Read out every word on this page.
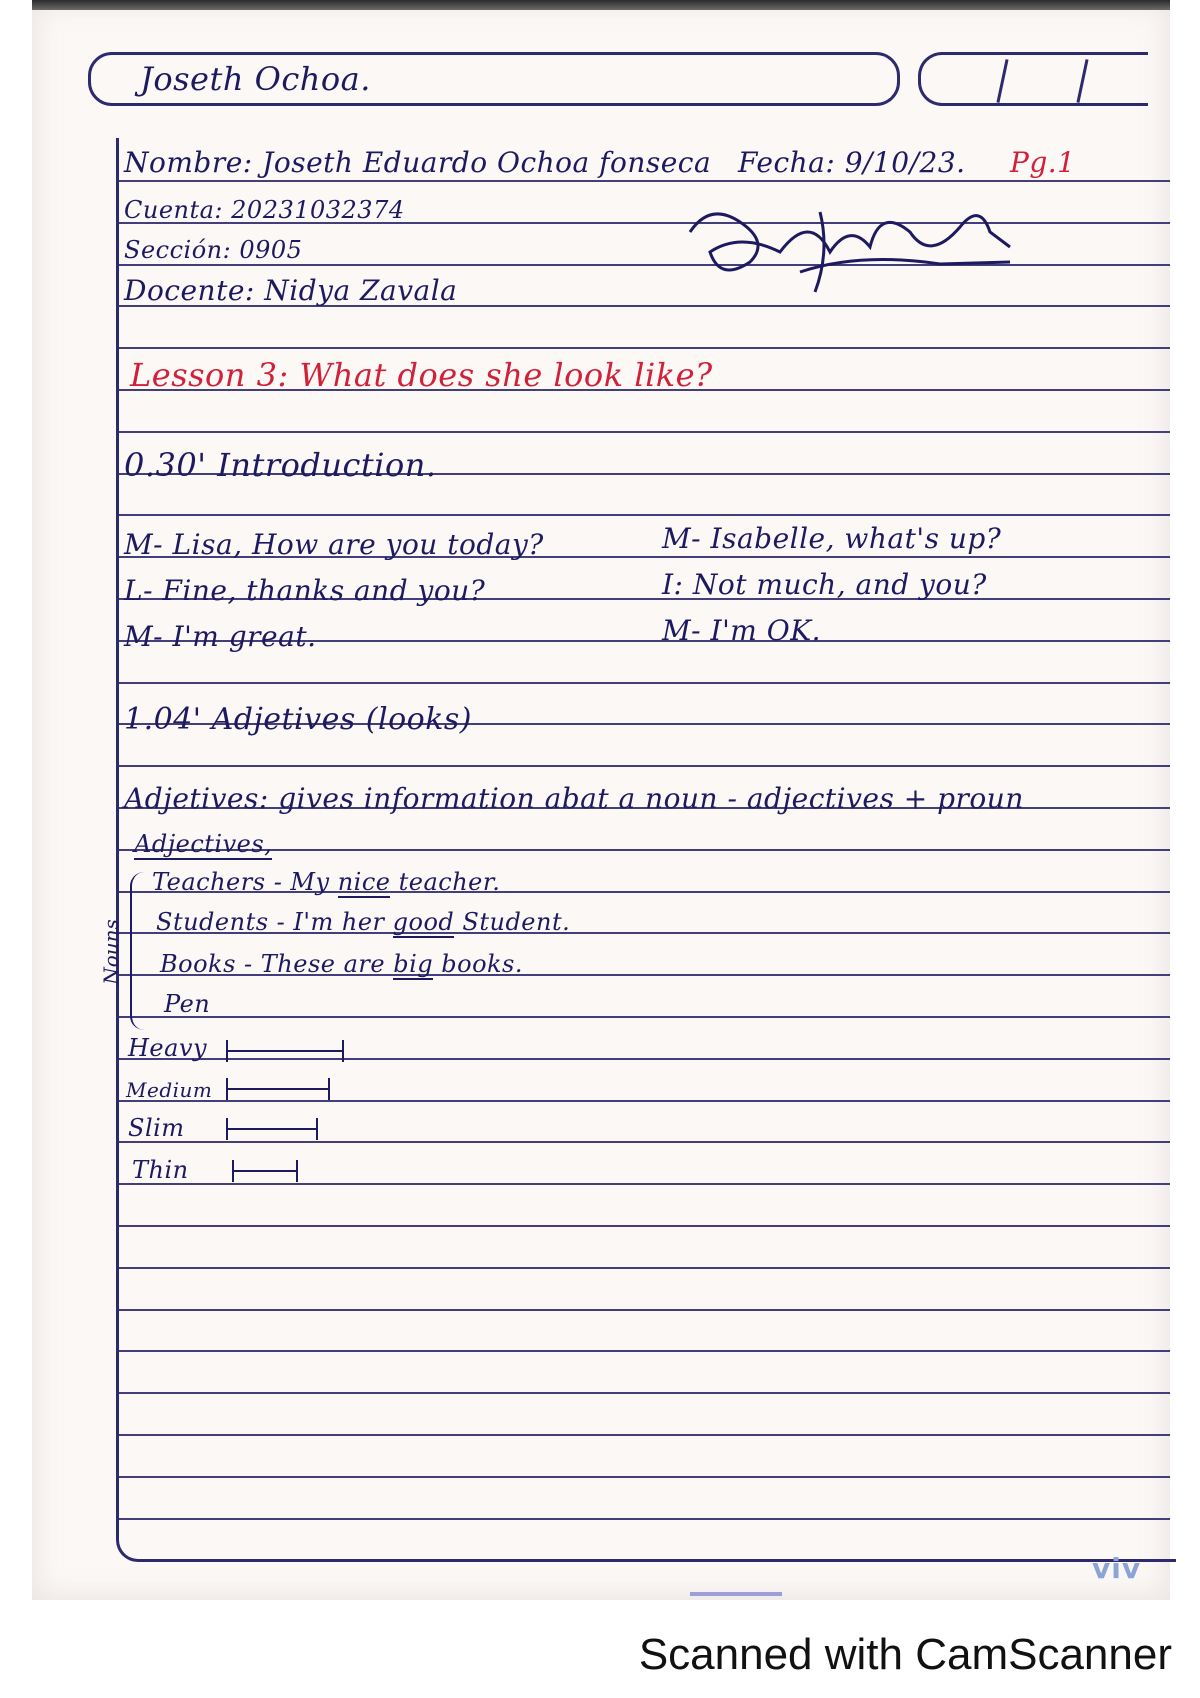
Joseth Ochoa.
Nombre: Joseth Eduardo Ochoa fonseca Fecha: 9/10/23. Pg.1
Cuenta: 20231032374
Sección: 0905
Docente: Nidya Zavala
Lesson 3: What does she look like?
0.30' Introduction.
M- Lisa, How are you today?
L- Fine, thanks and you?
M- I'm great.
M- Isabelle, what's up?
I: Not much, and you?
M- I'm OK.
1.04' Adjetives (looks)
Adjetives: gives information abat a noun - adjectives + proun
Adjectives,
Nouns
Teachers - My nice teacher.
Students - I'm her good Student.
Books - These are big books.
Pen
Heavy
Medium
Slim
Thin
viv
Scanned with CamScanner
